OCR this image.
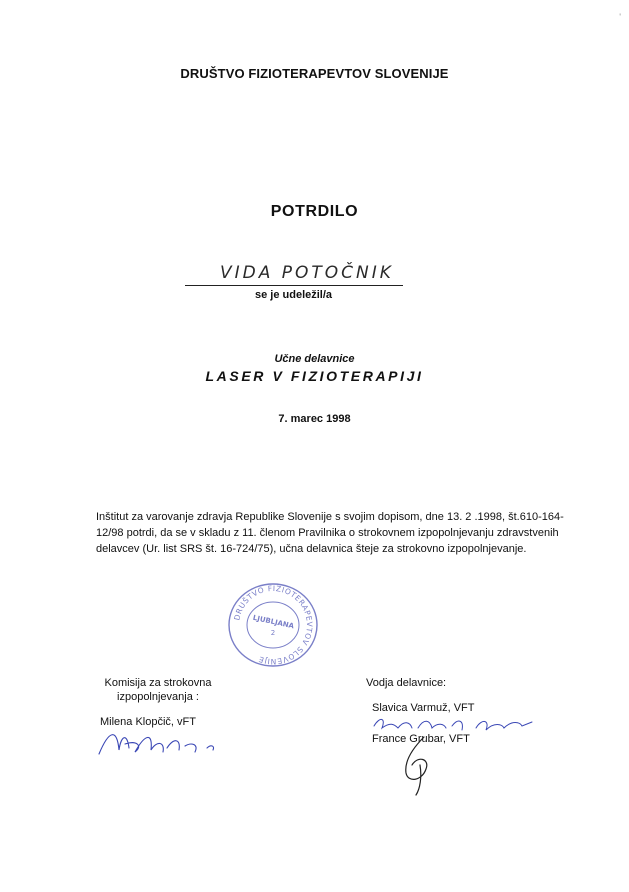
DRUŠTVO FIZIOTERAPEVTOV SLOVENIJE
POTRDILO
VIDA POTOČNIK
se je udeležil/a
Učne delavnice
LASER V FIZIOTERAPIJI
7. marec 1998
Inštitut za varovanje zdravja Republike Slovenije s svojim dopisom, dne 13. 2 .1998, št.610-164-
12/98 potrdi, da se v skladu z 11. členom Pravilnika o strokovnem izpopolnjevanju zdravstvenih
delavcev (Ur. list SRS št. 16-724/75), učna delavnica šteje za strokovno izpopolnjevanje.
DRUŠTVO FIZIOTERAPEVTOV SLOVENIJE
LJUBLJANA
2
Komisija za strokovna
izpopolnjevanja :
Milena Klopčič, vFT
Vodja delavnice:
Slavica Varmuž, VFT
France Grubar, VFT
'
